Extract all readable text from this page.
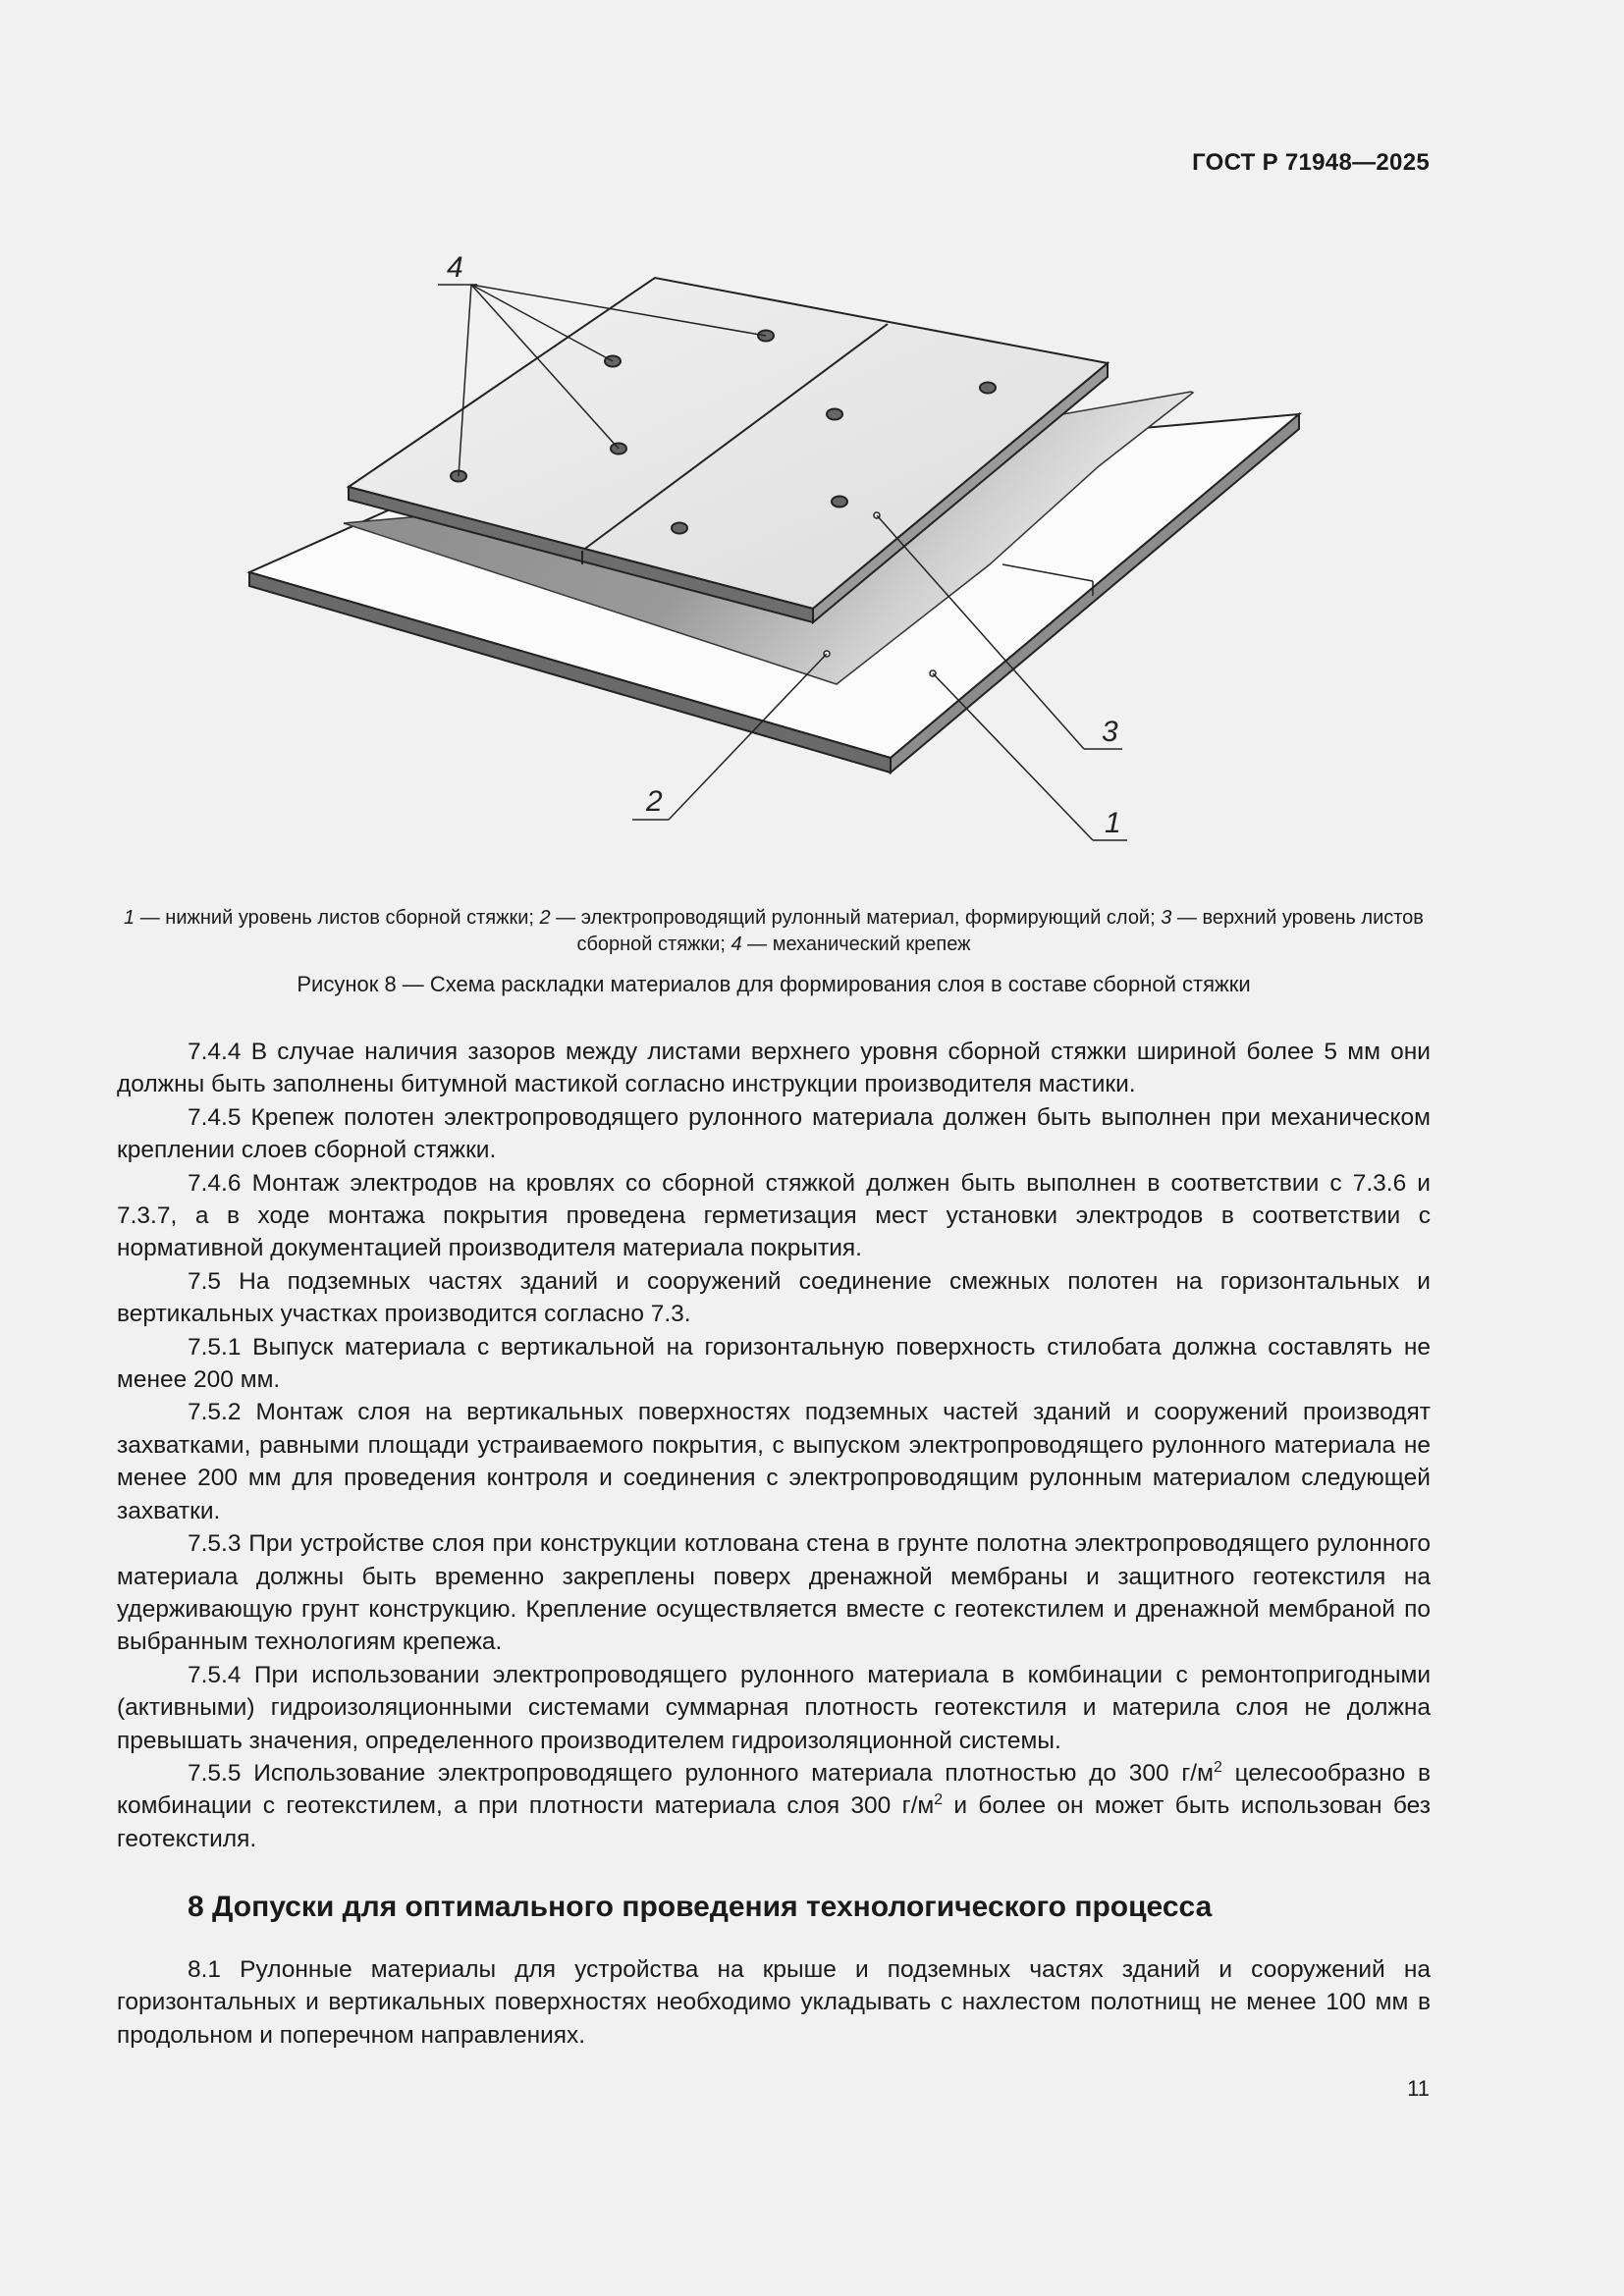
ГОСТ Р 71948—2025
4
3
2
1
1 — нижний уровень листов сборной стяжки; 2 — электропроводящий рулонный материал, формирующий слой; 3 — верхний уровень листов сборной стяжки; 4 — механический крепеж
Рисунок 8 — Схема раскладки материалов для формирования слоя в составе сборной стяжки

7.4.4 В случае наличия зазоров между листами верхнего уровня сборной стяжки шириной более 5 мм они должны быть заполнены битумной мастикой согласно инструкции производителя мастики.

7.4.5 Крепеж полотен электропроводящего рулонного материала должен быть выполнен при механическом креплении слоев сборной стяжки.

7.4.6 Монтаж электродов на кровлях со сборной стяжкой должен быть выполнен в соответствии с 7.3.6 и 7.3.7, а в ходе монтажа покрытия проведена герметизация мест установки электродов в соответствии с нормативной документацией производителя материала покрытия.

7.5 На подземных частях зданий и сооружений соединение смежных полотен на горизонтальных и вертикальных участках производится согласно 7.3.

7.5.1 Выпуск материала с вертикальной на горизонтальную поверхность стилобата должна составлять не менее 200 мм.

7.5.2 Монтаж слоя на вертикальных поверхностях подземных частей зданий и сооружений производят захватками, равными площади устраиваемого покрытия, с выпуском электропроводящего рулонного материала не менее 200 мм для проведения контроля и соединения с электропроводящим рулонным материалом следующей захватки.

7.5.3 При устройстве слоя при конструкции котлована стена в грунте полотна электропроводящего рулонного материала должны быть временно закреплены поверх дренажной мембраны и защитного геотекстиля на удерживающую грунт конструкцию. Крепление осуществляется вместе с геотекстилем и дренажной мембраной по выбранным технологиям крепежа.

7.5.4 При использовании электропроводящего рулонного материала в комбинации с ремонтопригодными (активными) гидроизоляционными системами суммарная плотность геотекстиля и материла слоя не должна превышать значения, определенного производителем гидроизоляционной системы.

7.5.5 Использование электропроводящего рулонного материала плотностью до 300 $г/м^2$ целесообразно в комбинации с геотекстилем, а при плотности материала слоя 300 $г/м^2$ и более он может быть использован без геотекстиля.

8 Допуски для оптимального проведения технологического процесса

8.1 Рулонные материалы для устройства на крыше и подземных частях зданий и сооружений на горизонтальных и вертикальных поверхностях необходимо укладывать с нахлестом полотнищ не менее 100 мм в продольном и поперечном направлениях.

11
